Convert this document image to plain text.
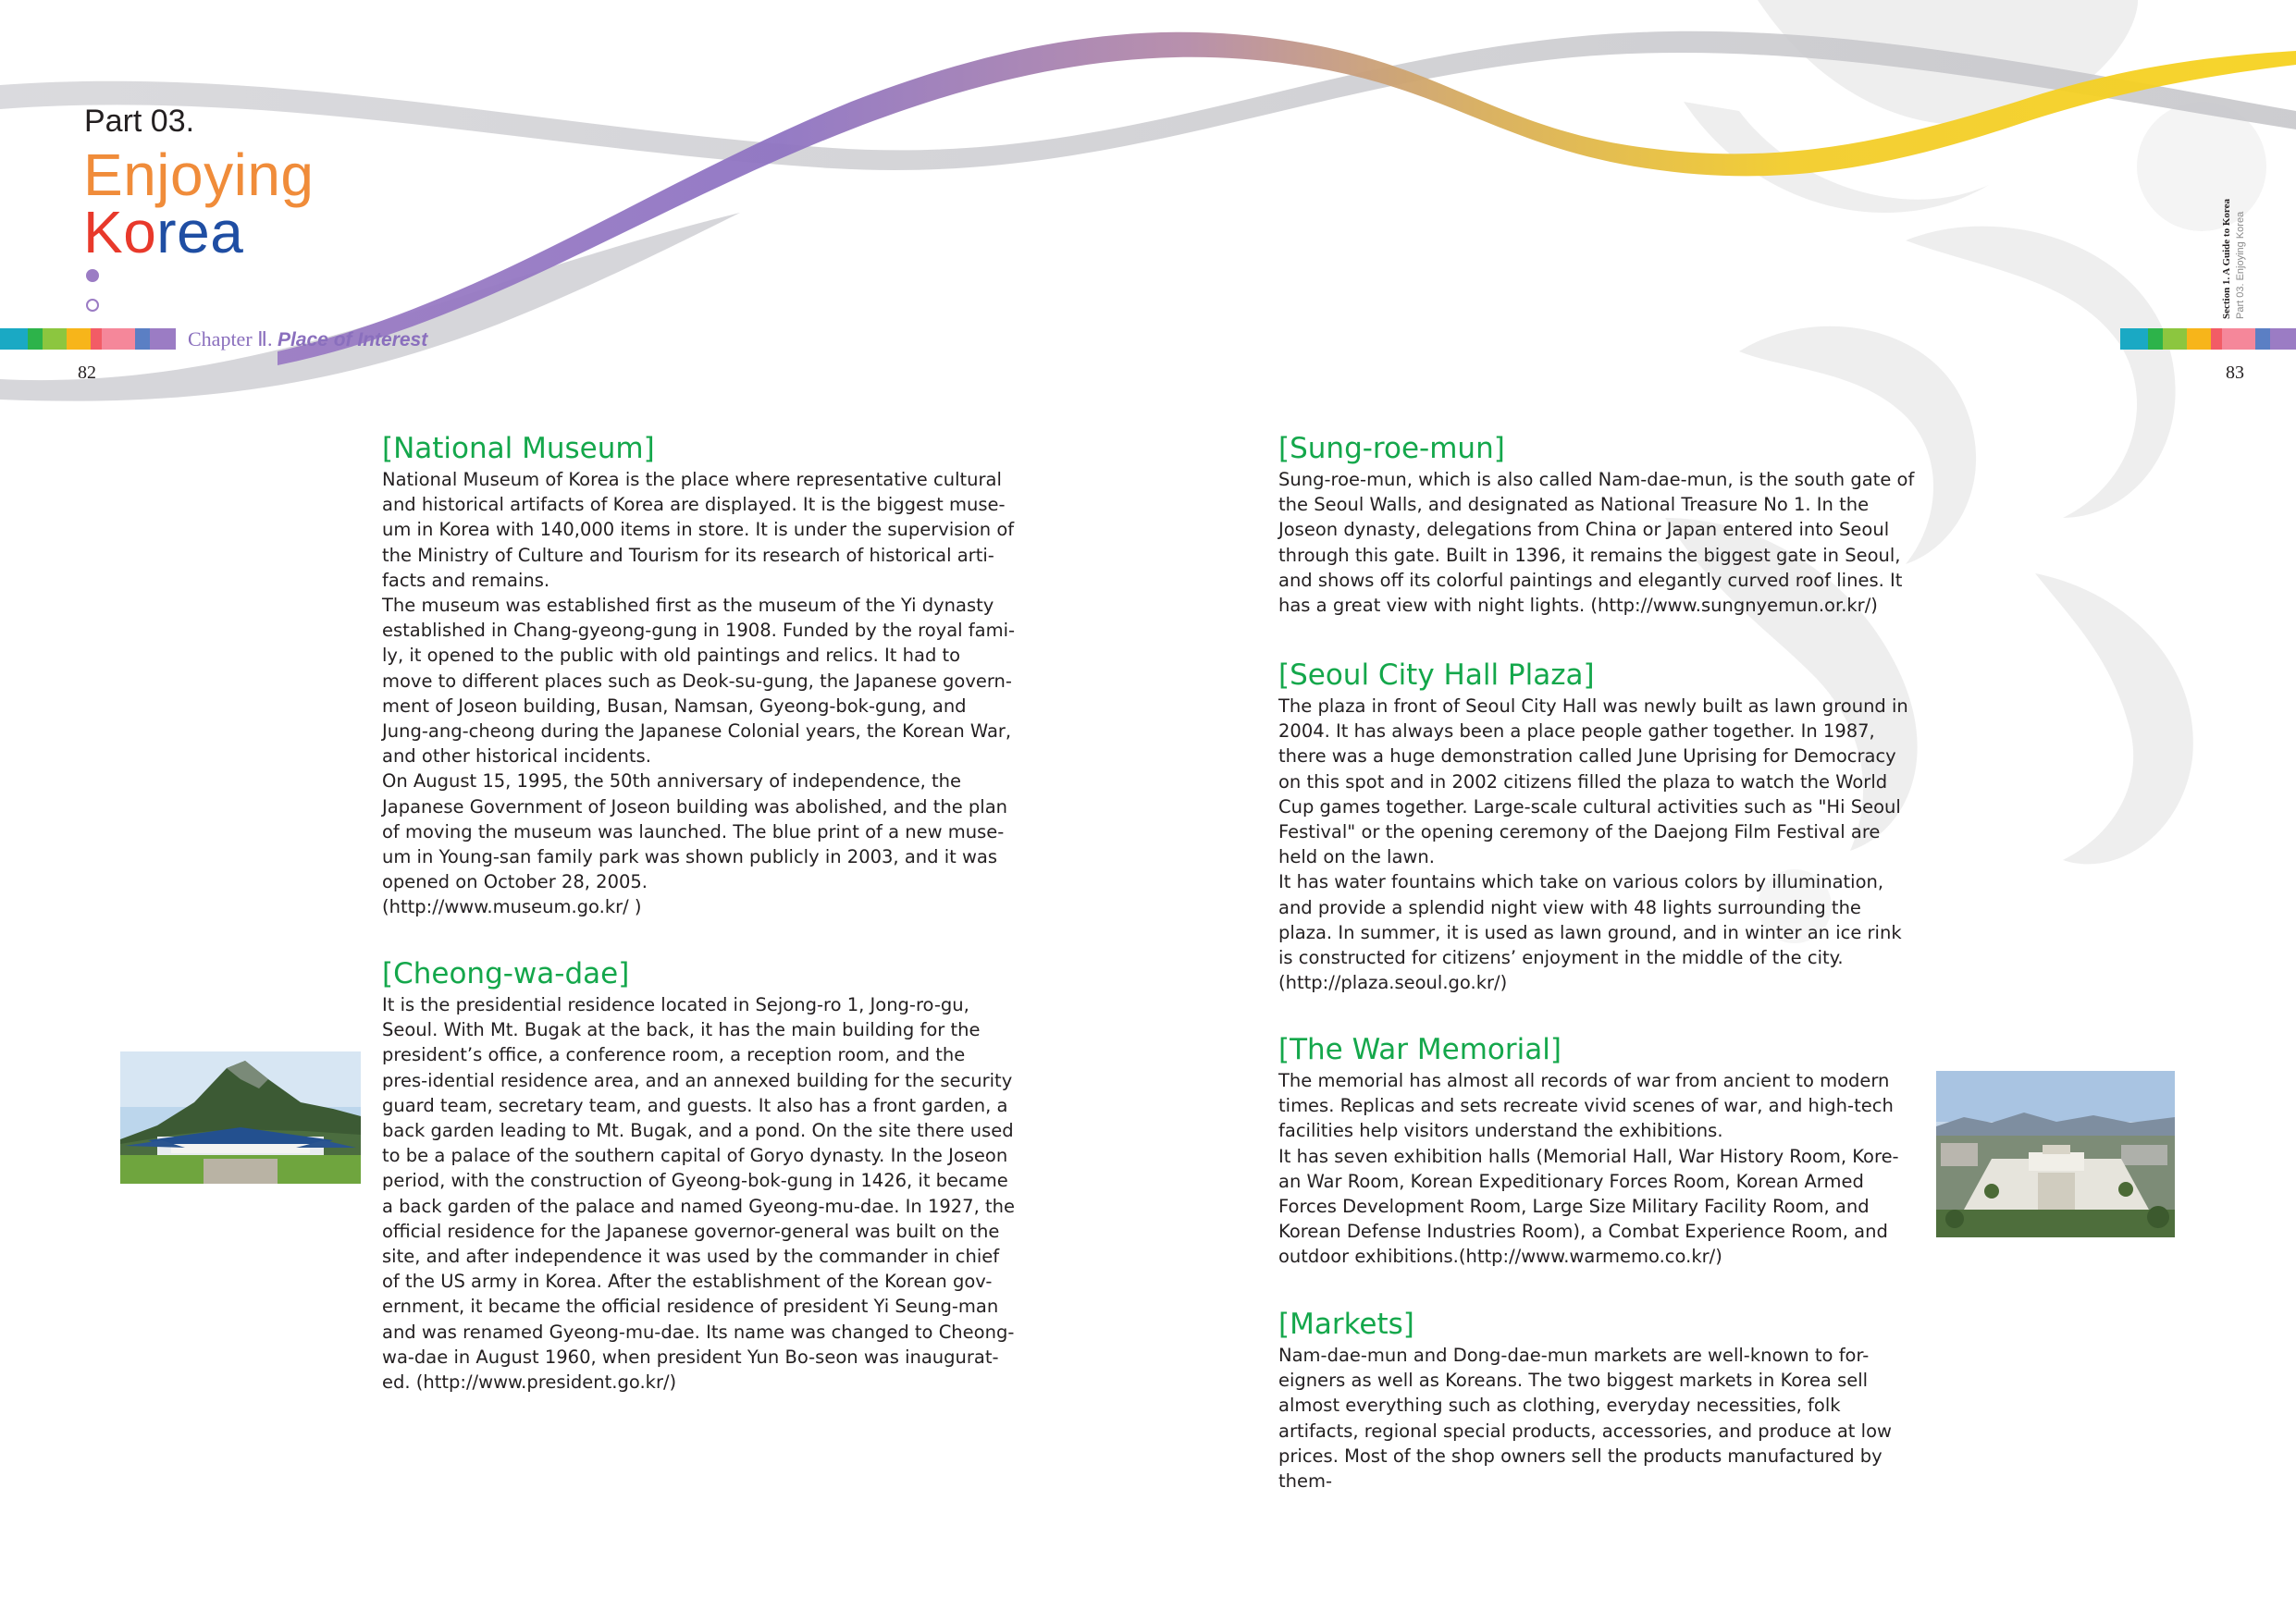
Part 03.
Enjoying
Korea
Chapter Ⅱ. Place of Interest
82	83
Section 1. A Guide to Korea Part 03. Enjoying Korea
[National Museum]

National Museum of Korea is the place where representative cultural and historical artifacts of Korea are displayed. It is the biggest muse-um in Korea with 140,000 items in store. It is under the supervision of the Ministry of Culture and Tourism for its research of historical arti-facts and remains.

The museum was established first as the museum of the Yi dynasty established in Chang-gyeong-gung in 1908. Funded by the royal fami-ly, it opened to the public with old paintings and relics. It had to move to different places such as Deok-su-gung, the Japanese govern-ment of Joseon building, Busan, Namsan, Gyeong-bok-gung, and Jung-ang-cheong during the Japanese Colonial years, the Korean War, and other historical incidents.

On August 15, 1995, the 50th anniversary of independence, the Japanese Government of Joseon building was abolished, and the plan of moving the museum was launched. The blue print of a new muse-um in Young-san family park was shown publicly in 2003, and it was opened on October 28, 2005.

(http://www.museum.go.kr/ )

[Cheong-wa-dae]

It is the presidential residence located in Sejong-ro 1, Jong-ro-gu, Seoul. With Mt. Bugak at the back, it has the main building for the president’s office, a conference room, a reception room, and the pres-idential residence area, and an annexed building for the security guard team, secretary team, and guests. It also has a front garden, a back garden leading to Mt. Bugak, and a pond. On the site there used to be a palace of the southern capital of Goryo dynasty. In the Joseon period, with the construction of Gyeong-bok-gung in 1426, it became a back garden of the palace and named Gyeong-mu-dae. In 1927, the official residence for the Japanese governor-general was built on the site, and after independence it was used by the commander in chief of the US army in Korea. After the establishment of the Korean gov-ernment, it became the official residence of president Yi Seung-man and was renamed Gyeong-mu-dae. Its name was changed to Cheong-wa-dae in August 1960, when president Yun Bo-seon was inaugurat-ed. (http://www.president.go.kr/)

[Sung-roe-mun]

Sung-roe-mun, which is also called Nam-dae-mun, is the south gate of the Seoul Walls, and designated as National Treasure No 1. In the Joseon dynasty, delegations from China or Japan entered into Seoul through this gate. Built in 1396, it remains the biggest gate in Seoul, and shows off its colorful paintings and elegantly curved roof lines. It has a great view with night lights. (http://www.sungnyemun.or.kr/)

[Seoul City Hall Plaza]

The plaza in front of Seoul City Hall was newly built as lawn ground in 2004. It has always been a place people gather together. In 1987, there was a huge demonstration called June Uprising for Democracy on this spot and in 2002 citizens filled the plaza to watch the World Cup games together. Large-scale cultural activities such as "Hi Seoul Festival" or the opening ceremony of the Daejong Film Festival are held on the lawn.

It has water fountains which take on various colors by illumination, and provide a splendid night view with 48 lights surrounding the plaza. In summer, it is used as lawn ground, and in winter an ice rink is constructed for citizens’ enjoyment in the middle of the city. (http://plaza.seoul.go.kr/)

[The War Memorial]

The memorial has almost all records of war from ancient to modern times. Replicas and sets recreate vivid scenes of war, and high-tech facilities help visitors understand the exhibitions.

It has seven exhibition halls (Memorial Hall, War History Room, Kore-an War Room, Korean Expeditionary Forces Room, Korean Armed Forces Development Room, Large Size Military Facility Room, and Korean Defense Industries Room), a Combat Experience Room, and outdoor exhibitions.(http://www.warmemo.co.kr/)

[Markets]

Nam-dae-mun and Dong-dae-mun markets are well-known to for-eigners as well as Koreans. The two biggest markets in Korea sell almost everything such as clothing, everyday necessities, folk artifacts, regional special products, accessories, and produce at low prices. Most of the shop owners sell the products manufactured by them-
